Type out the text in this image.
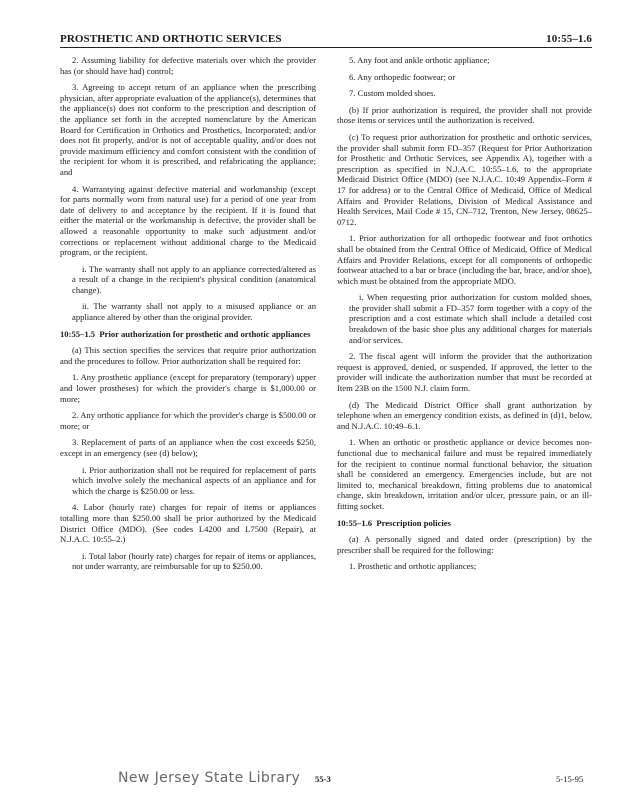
PROSTHETIC AND ORTHOTIC SERVICES	10:55–1.6

2. Assuming liability for defective materials over which the provider has (or should have had) control;

3. Agreeing to accept return of an appliance when the prescribing physician, after appropriate evaluation of the appliance(s), determines that the appliance(s) does not conform to the prescription and description of the appliance set forth in the accepted nomenclature by the American Board for Certification in Orthotics and Prosthetics, Incorporated; and/or does not fit properly, and/or is not of acceptable quality, and/or does not provide maximum efficiency and comfort consistent with the condition of the recipient for whom it is prescribed, and refabricating the appliance; and

4. Warrantying against defective material and workmanship (except for parts normally worn from natural use) for a period of one year from date of delivery to and acceptance by the recipient. If it is found that either the material or the workmanship is defective, the provider shall be allowed a reasonable opportunity to make such adjustment and/or corrections or replacement without additional charge to the Medicaid program, or the recipient.

i. The warranty shall not apply to an appliance corrected/altered as a result of a change in the recipient's physical condition (anatomical change).

ii. The warranty shall not apply to a misused appliance or an appliance altered by other than the original provider.

10:55–1.5 Prior authorization for prosthetic and orthotic appliances

(a) This section specifies the services that require prior authorization and the procedures to follow. Prior authorization shall be required for:

1. Any prosthetic appliance (except for preparatory (temporary) upper and lower prostheses) for which the provider's charge is $1,000.00 or more;

2. Any orthotic appliance for which the provider's charge is $500.00 or more; or

3. Replacement of parts of an appliance when the cost exceeds $250, except in an emergency (see (d) below);

i. Prior authorization shall not be required for replacement of parts which involve solely the mechanical aspects of an appliance and for which the charge is $250.00 or less.

4. Labor (hourly rate) charges for repair of items or appliances totalling more than $250.00 shall be prior authorized by the Medicaid District Office (MDO). (See codes L4200 and L7500 (Repair), at N.J.A.C. 10:55–2.)

i. Total labor (hourly rate) charges for repair of items or appliances, not under warranty, are reimbursable for up to $250.00.

5. Any foot and ankle orthotic appliance;

6. Any orthopedic footwear; or

7. Custom molded shoes.

(b) If prior authorization is required, the provider shall not provide those items or services until the authorization is received.

(c) To request prior authorization for prosthetic and orthotic services, the provider shall submit form FD–357 (Request for Prior Authorization for Prosthetic and Orthotic Services, see Appendix A), together with a prescription as specified in N.J.A.C. 10:55–1.6, to the appropriate Medicaid District Office (MDO) (see N.J.A.C. 10:49 Appendix–Form # 17 for address) or to the Central Office of Medicaid, Office of Medical Affairs and Provider Relations, Division of Medical Assistance and Health Services, Mail Code # 15, CN–712, Trenton, New Jersey, 08625–0712.

1. Prior authorization for all orthopedic footwear and foot orthotics shall be obtained from the Central Office of Medicaid, Office of Medical Affairs and Provider Relations, except for all components of orthopedic footwear attached to a bar or brace (including the bar, brace, and/or shoe), which must be obtained from the appropriate MDO.

i. When requesting prior authorization for custom molded shoes, the provider shall submit a FD–357 form together with a copy of the prescription and a cost estimate which shall include a detailed cost breakdown of the basic shoe plus any additional charges for materials and/or services.

2. The fiscal agent will inform the provider that the authorization request is approved, denied, or suspended. If approved, the letter to the provider will indicate the authorization number that must be recorded at Item 23B on the 1500 N.J. claim form.

(d) The Medicaid District Office shall grant authorization by telephone when an emergency condition exists, as defined in (d)1, below, and N.J.A.C. 10:49–6.1.

1. When an orthotic or prosthetic appliance or device becomes non-functional due to mechanical failure and must be repaired immediately for the recipient to continue normal functional behavior, the situation shall be considered an emergency. Emergencies include, but are not limited to, mechanical breakdown, fitting problems due to anatomical change, skin breakdown, irritation and/or ulcer, pressure pain, or an ill-fitting socket.

10:55–1.6 Prescription policies

(a) A personally signed and dated order (prescription) by the prescriber shall be required for the following:

1. Prosthetic and orthotic appliances;

New Jersey State Library 55-3	5-15-95
